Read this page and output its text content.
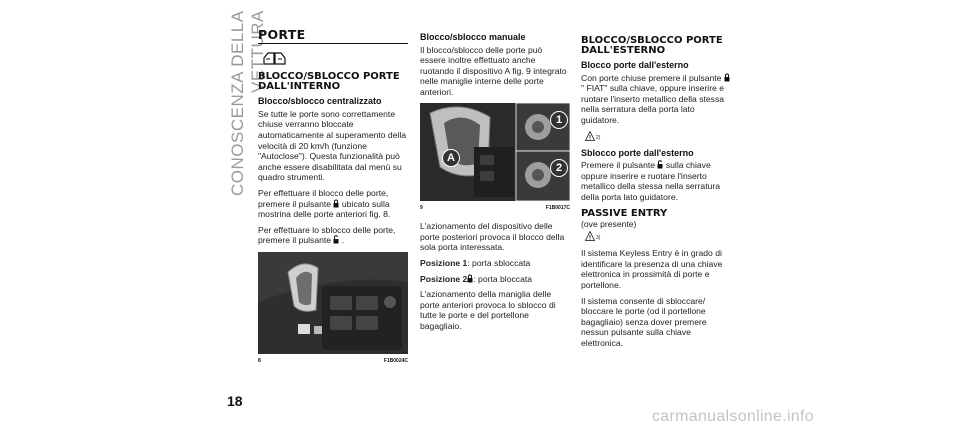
CONOSCENZA DELLA VETTURA
PORTE
BLOCCO/SBLOCCO PORTE DALL'INTERNO
Blocco/sblocco centralizzato

Se tutte le porte sono correttamente chiuse verranno bloccate automaticamente al superamento della velocità di 20 km/h (funzione "Autoclose"). Questa funzionalità può anche essere disabilitata dal menù su quadro strumenti.

Per effettuare il blocco delle porte, premere il pulsante ubicato sulla mostrina delle porte anteriori fig. 8.

Per effettuare lo sblocco delle porte, premere il pulsante .

8	F1B0024C
Blocco/sblocco manuale

Il blocco/sblocco delle porte può essere inoltre effettuato anche ruotando il dispositivo A fig. 9 integrato nelle maniglie interne delle porte anteriori.

A
1
2
9	F1B0017C

L'azionamento del dispositivo delle porte posteriori provoca il blocco della sola porta interessata.

Posizione 1: porta sbloccata

Posizione 2 : porta bloccata

L'azionamento della maniglia delle porte anteriori provoca lo sblocco di tutte le porte e del portellone bagagliaio.

BLOCCO/SBLOCCO PORTE DALL'ESTERNO
Blocco porte dall'esterno

Con porte chiuse premere il pulsante  " FIAT" sulla chiave, oppure inserire e ruotare l'inserto metallico della stessa nella serratura della porta lato guidatore.

! 2)
Sblocco porte dall'esterno

Premere il pulsante sulla chiave oppure inserire e ruotare l'inserto metallico della stessa nella serratura della porta lato guidatore.

PASSIVE ENTRY
(ove presente)
! 3)

Il sistema Keyless Entry è in grado di identificare la presenza di una chiave elettronica in prossimità di porte e portellone.

Il sistema consente di sbloccare/ bloccare le porte (od il portellone bagagliaio) senza dover premere nessun pulsante sulla chiave elettronica.

18
carmanualsonline.info
